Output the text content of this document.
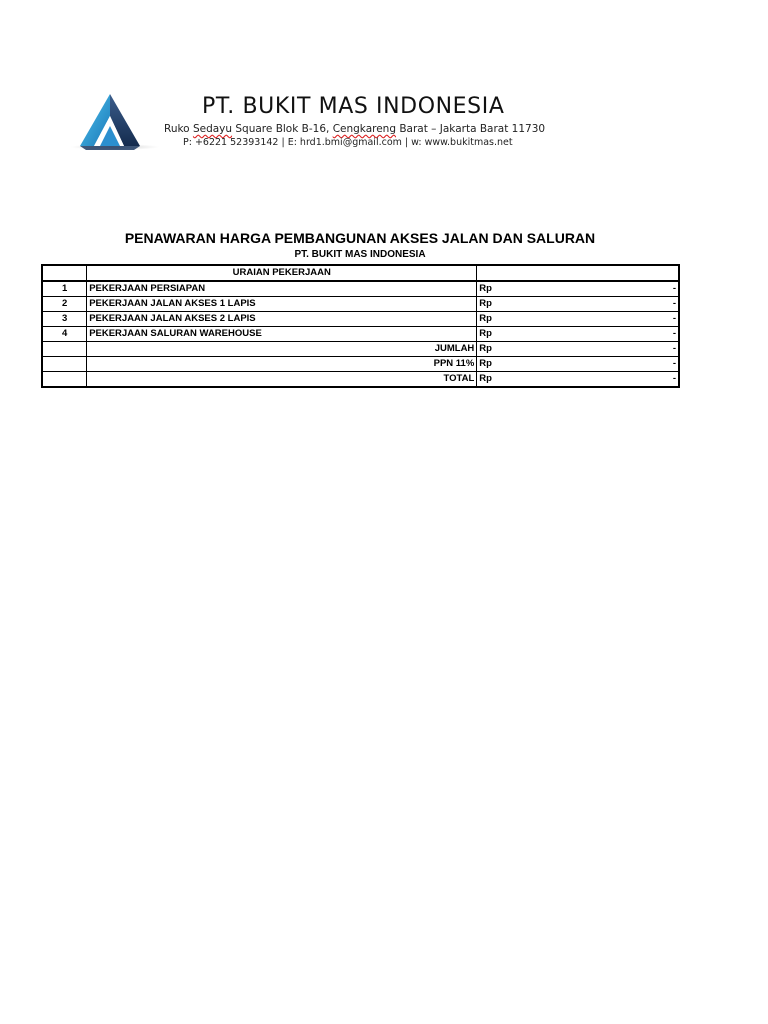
PT. BUKIT MAS INDONESIA
Ruko Sedayu Square Blok B-16, Cengkareng Barat – Jakarta Barat 11730
P: +6221 52393142 | E: hrd1.bmi@gmail.com | w: www.bukitmas.net
PENAWARAN HARGA PEMBANGUNAN AKSES JALAN DAN SALURAN
PT. BUKIT MAS INDONESIA
	URAIAN PEKERJAAN	
1	PEKERJAAN PERSIAPAN	Rp -

2	PEKERJAAN JALAN AKSES 1 LAPIS	Rp -

3	PEKERJAAN JALAN AKSES 2 LAPIS	Rp -

4	PEKERJAAN SALURAN WAREHOUSE	Rp -

	JUMLAH	Rp -

	PPN 11%	Rp -

	TOTAL	Rp -
